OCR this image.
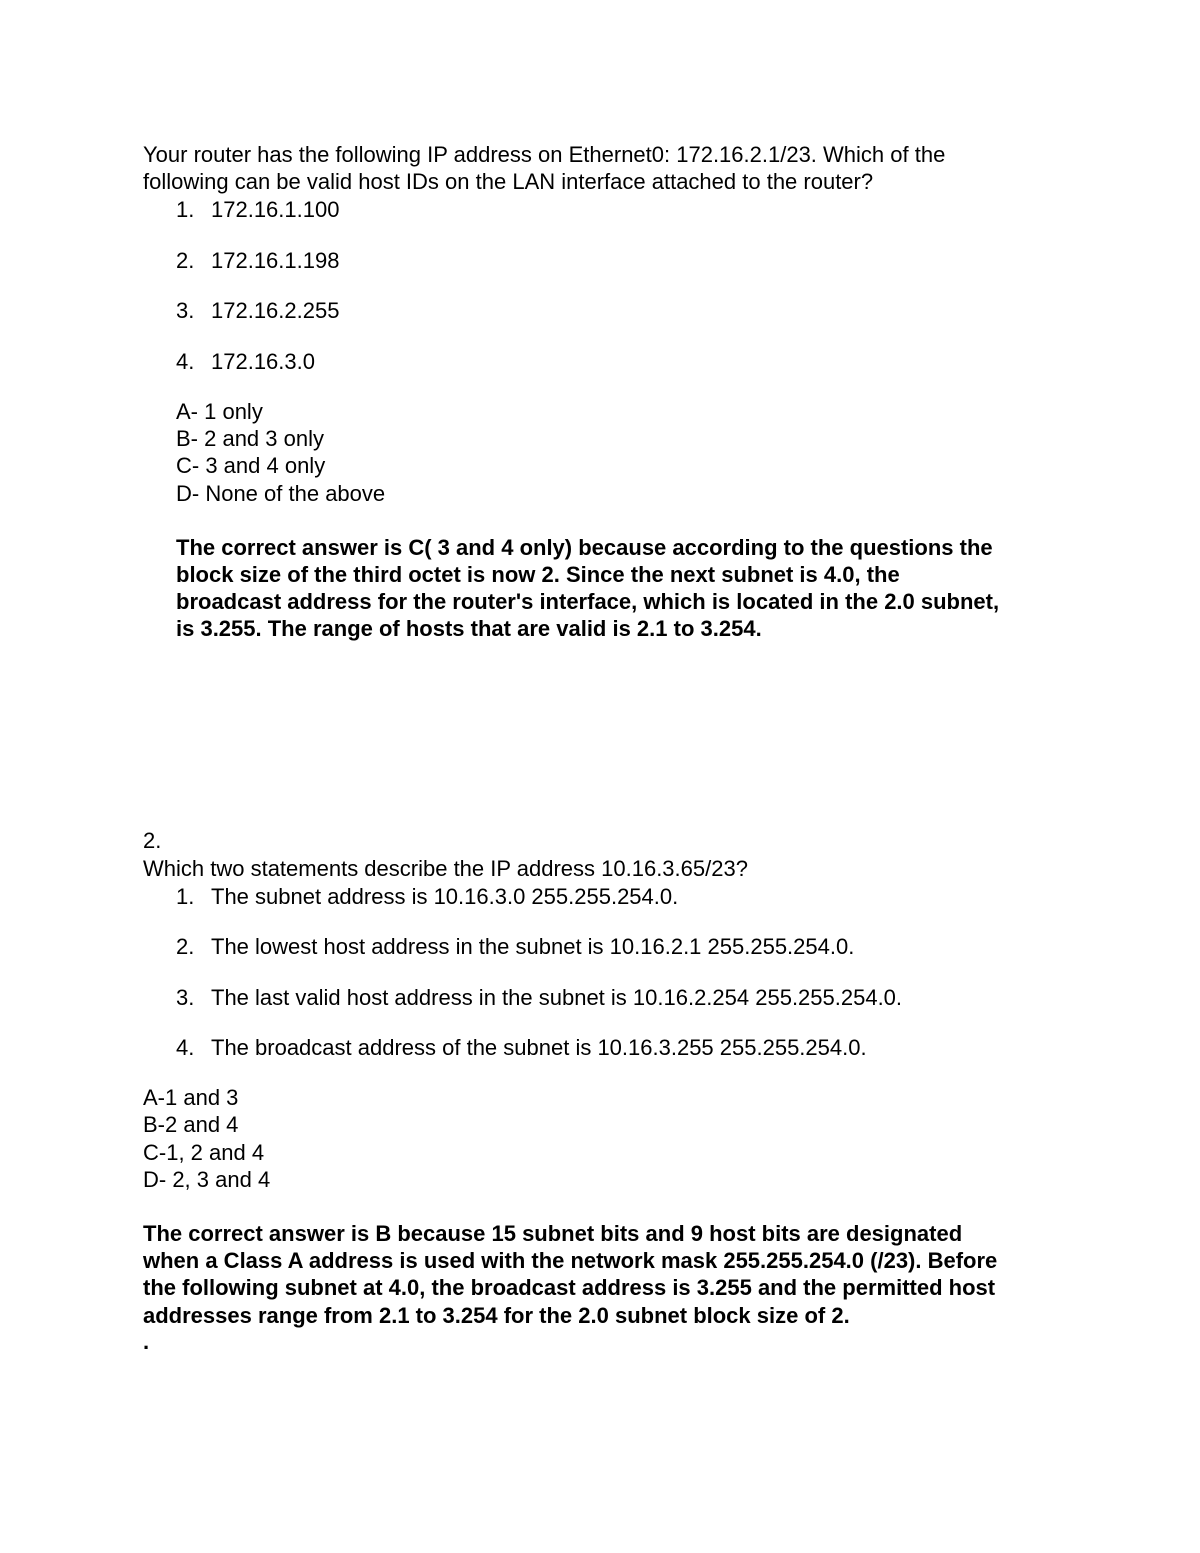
Your router has the following IP address on Ethernet0: 172.16.2.1/23. Which of the
following can be valid host IDs on the LAN interface attached to the router?
1. 172.16.1.100
2. 172.16.1.198
3. 172.16.2.255
4. 172.16.3.0
A- 1 only
B- 2 and 3 only
C- 3 and 4 only
D- None of the above
The correct answer is C( 3 and 4 only) because according to the questions the
block size of the third octet is now 2. Since the next subnet is 4.0, the
broadcast address for the router's interface, which is located in the 2.0 subnet,
is 3.255. The range of hosts that are valid is 2.1 to 3.254.
2.
Which two statements describe the IP address 10.16.3.65/23?
1. The subnet address is 10.16.3.0 255.255.254.0.
2. The lowest host address in the subnet is 10.16.2.1 255.255.254.0.
3. The last valid host address in the subnet is 10.16.2.254 255.255.254.0.
4. The broadcast address of the subnet is 10.16.3.255 255.255.254.0.
A-1 and 3
B-2 and 4
C-1, 2 and 4
D- 2, 3 and 4
The correct answer is B because 15 subnet bits and 9 host bits are designated
when a Class A address is used with the network mask 255.255.254.0 (/23). Before
the following subnet at 4.0, the broadcast address is 3.255 and the permitted host
addresses range from 2.1 to 3.254 for the 2.0 subnet block size of 2.
.
